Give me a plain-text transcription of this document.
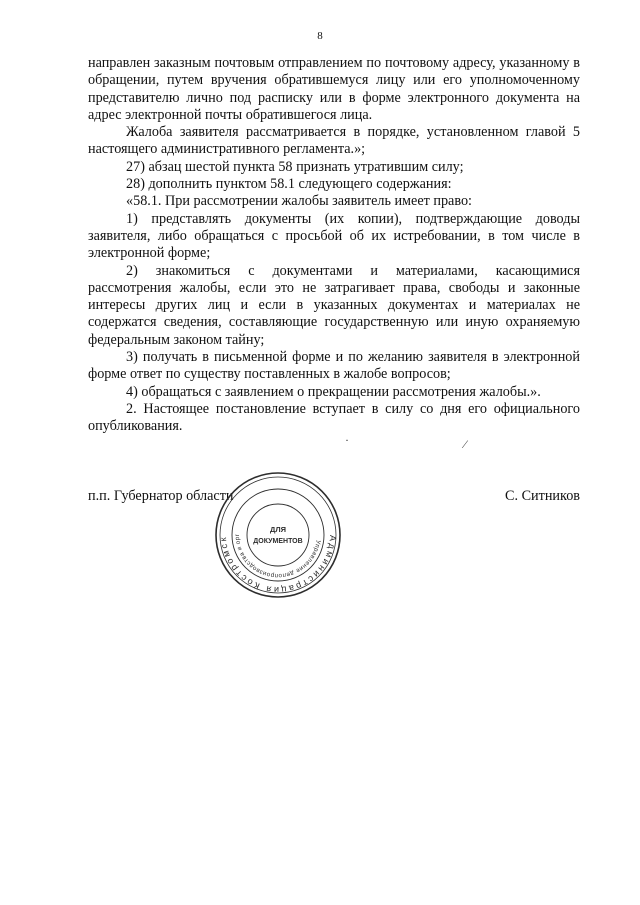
8

направлен заказным почтовым отправлением по почтовому адресу, указанному в обращении, путем вручения обратившемуся лицу или его уполномоченному представителю лично под расписку или в форме электронного документа на адрес электронной почты обратившегося лица.

Жалоба заявителя рассматривается в порядке, установленном главой 5 настоящего административного регламента.»;

27) абзац шестой пункта 58 признать утратившим силу;

28) дополнить пунктом 58.1 следующего содержания:

«58.1. При рассмотрении жалобы заявитель имеет право:

1) представлять документы (их копии), подтверждающие доводы заявителя, либо обращаться с просьбой об их истребовании, в том числе в электронной форме;

2) знакомиться с документами и материалами, касающимися рассмотрения жалобы, если это не затрагивает права, свободы и законные интересы других лиц и если в указанных документах и материалах не содержатся сведения, составляющие государственную или иную охраняемую федеральным законом тайну;

3) получать в письменной форме и по желанию заявителя в электронной форме ответ по существу поставленных в жалобе вопросов;

4) обращаться с заявлением о прекращении рассмотрения жалобы.».

2. Настоящее постановление вступает в силу со дня его официального опубликования.

·	⁄
п.п. Губернатор области	С. Ситников
Администрация Костромск
Управление делопроизводства и орг
ДЛЯ
ДОКУМЕНТОВ
